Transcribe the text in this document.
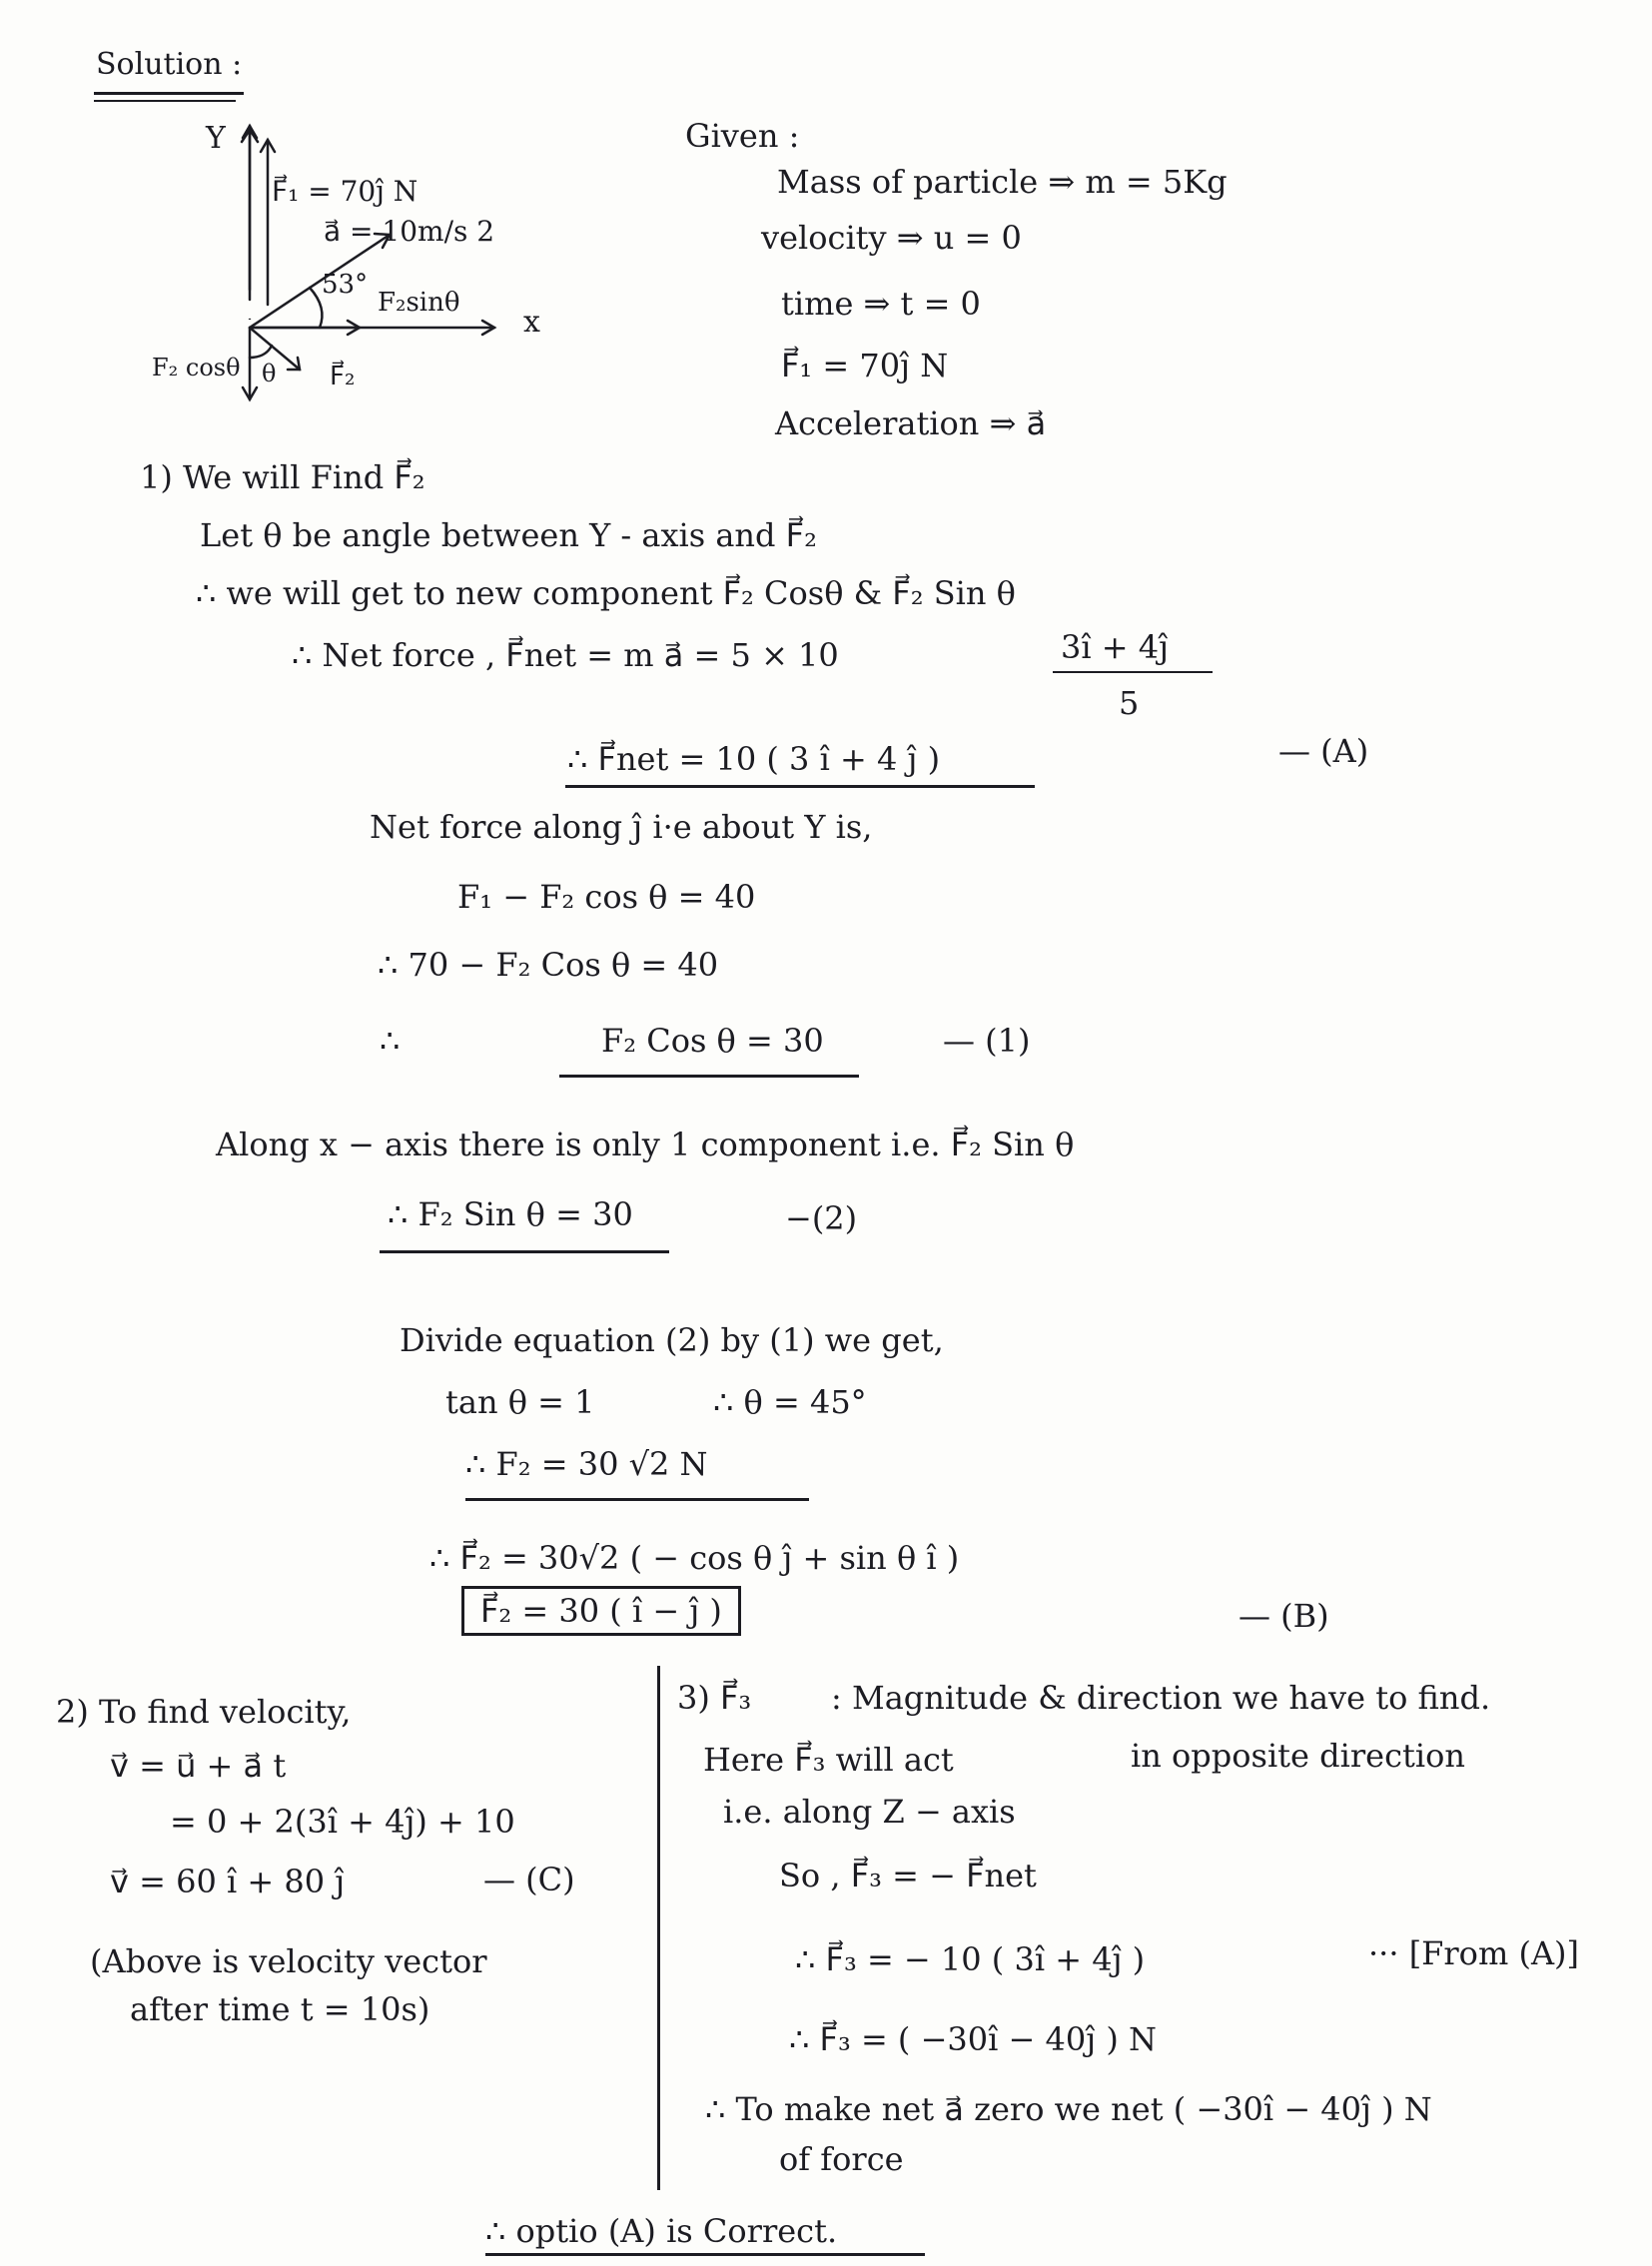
Solution :
Y
F⃗₁ = 70ĵ N
a⃗ = 10m/s 2
53°
F₂sinθ
x
F₂ cosθ θ F⃗₂
Given :
Mass of particle ⇒ m = 5Kg
velocity ⇒ u = 0
time ⇒ t = 0
F⃗₁ = 70ĵ N
Acceleration ⇒ a⃗
1) We will Find F⃗₂
Let θ be angle between Y - axis and F⃗₂
∴ we will get to new component F⃗₂ Cosθ & F⃗₂ Sin θ
∴ Net force , F⃗net = m a⃗ = 5 × 10	3î + 4ĵ
5
∴ F⃗net = 10 ( 3 î + 4 ĵ )	— (A)
Net force along ĵ i·e about Y is,
F₁ − F₂ cos θ = 40
∴ 70 − F₂ Cos θ = 40
∴	F₂ Cos θ = 30	— (1)
Along x − axis there is only 1 component i.e. F⃗₂ Sin θ
∴ F₂ Sin θ = 30	−(2)
Divide equation (2) by (1) we get,
tan θ = 1	∴ θ = 45°
∴ F₂ = 30 √2 N
∴ F⃗₂ = 30√2 ( − cos θ ĵ + sin θ î )
F⃗₂ = 30 ( î − ĵ )	— (B)
2) To find velocity,
v⃗ = u⃗ + a⃗ t
= 0 + 2(3î + 4ĵ) + 10
v⃗ = 60 î + 80 ĵ	— (C)
(Above is velocity vector
after time t = 10s)
3) F⃗₃ : Magnitude & direction we have to find.
Here F⃗₃ will act	in opposite direction
i.e. along Z − axis
So , F⃗₃ = − F⃗net
∴ F⃗₃ = − 10 ( 3î + 4ĵ )	··· [From (A)]
∴ F⃗₃ = ( −30î − 40ĵ ) N
∴ To make net a⃗ zero we net ( −30î − 40ĵ ) N
of force
∴ optio (A) is Correct.
